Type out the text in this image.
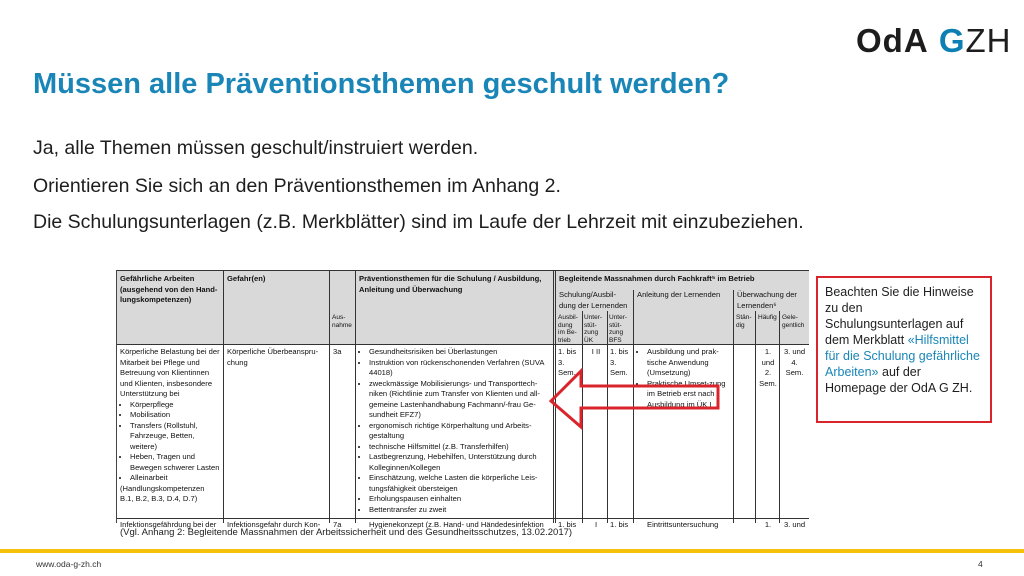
OdA GZH
Müssen alle Präventionsthemen geschult werden?
Ja, alle Themen müssen geschult/instruiert werden.
Orientieren Sie sich an den Präventionsthemen im Anhang 2.
Die Schulungsunterlagen (z.B. Merkblätter) sind im Laufe der Lehrzeit mit einzubeziehen.
Gefährliche Arbeiten (ausgehend von den Hand-lungskompetenzen)
Gefahr(en)	Präventionsthemen für die Schulung / Ausbildung, Anleitung und Überwachung
Begleitende Massnahmen durch Fachkraft⁵ im Betrieb
Schulung/Ausbil-dung der Lernenden
Anleitung der Lernenden	Überwachung der Lernenden⁶
Aus-nahme
Ausbil-dung im Be-trieb
Unter-stüt-zung ÜK
Unter-stüt-zung BFS
Stän-dig
Häufig Gele-gentlich
Körperliche Belastung bei der Mitarbeit bei Pflege und Betreuung von Klientinnen und Klienten, insbesondere Unterstützung bei
• Körperpflege
• Mobilisation
• Transfers (Rollstuhl, Fahrzeuge, Betten, weitere)
• Heben, Tragen und Bewegen schwerer Lasten
• Alleinarbeit
(Handlungskompetenzen B.1, B.2, B.3, D.4, D.7)
Körperliche Überbeanspru-chung
3a
•	Gesundheitsrisiken bei Überlastungen
• Instruktion von rückenschonenden Verfahren (SUVA 44018)
• zweckmässige Mobilisierungs- und Transporttech-niken (Richtlinie zum Transfer von Klienten und all-gemeine Lastenhandhabung Fachmann/-frau Ge-sundheit EFZ7)
• ergonomisch richtige Körperhaltung und Arbeits-gestaltung
• technische Hilfsmittel (z.B. Transferhilfen)
• Lastbegrenzung, Hebehilfen, Unterstützung durch Kolleginnen/Kollegen
• Einschätzung, welche Lasten die körperliche Leis-tungsfähigkeit übersteigen
• Erholungspausen einhalten
• Bettentransfer zu zweit
1. bis 3. Sem.
I II	1. bis 3. Sem.
• Ausbildung und prak-tische Anwendung (Umsetzung)
• Praktische Umset-zung im Betrieb erst nach Ausbildung im ÜK I
1. und 2. Sem.
3. und 4. Sem.
Infektionsgefährdung bei der	Infektionsgefahr durch Kon-	7a	Hygienekonzept (z.B. Hand- und Händedesinfektion	1. bis	I	1. bis	Eintrittsuntersuchung	1.	3. und
Beachten Sie die Hinweise zu den Schulungsunterlagen auf dem Merkblatt «Hilfsmittel für die Schulung gefährliche Arbeiten» auf der Homepage der OdA G ZH.
(Vgl. Anhang 2: Begleitende Massnahmen der Arbeitssicherheit und des Gesundheitsschutzes, 13.02.2017)
www.oda-g-zh.ch	4
